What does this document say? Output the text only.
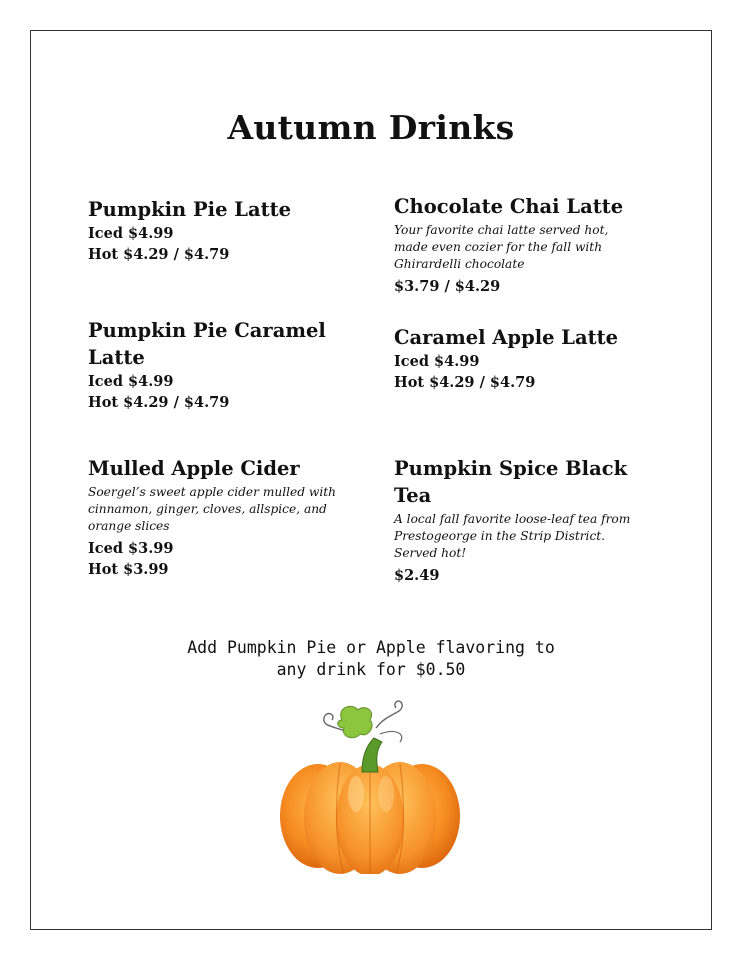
Autumn Drinks
Pumpkin Pie Latte
Iced $4.99
Hot $4.29 / $4.79
Pumpkin Pie Caramel Latte
Iced $4.99
Hot $4.29 / $4.79
Mulled Apple Cider
Soergel’s sweet apple cider mulled with cinnamon, ginger, cloves, allspice, and orange slices
Iced $3.99
Hot $3.99
Chocolate Chai Latte
Your favorite chai latte served hot, made even cozier for the fall with Ghirardelli chocolate
$3.79 / $4.29
Caramel Apple Latte
Iced $4.99
Hot $4.29 / $4.79
Pumpkin Spice Black Tea
A local fall favorite loose-leaf tea from Prestogeorge in the Strip District. Served hot!
$2.49
Add Pumpkin Pie or Apple flavoring to any drink for $0.50
